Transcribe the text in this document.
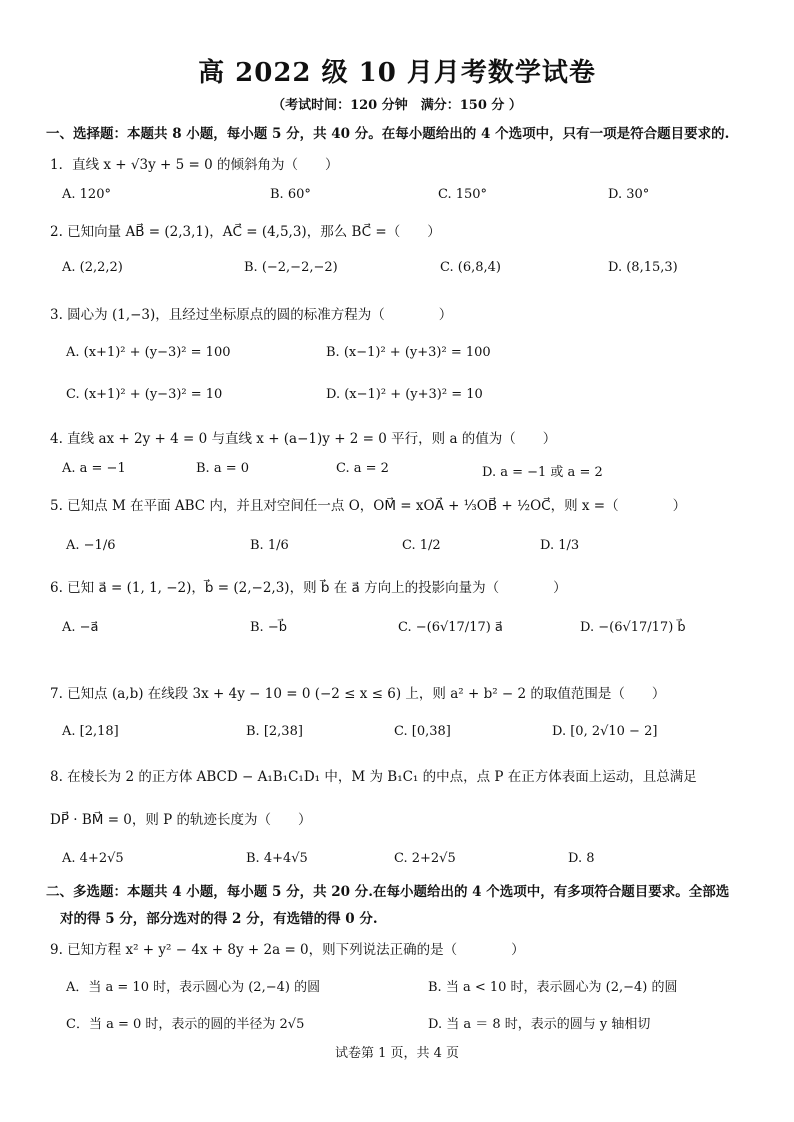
高 2022 级 10 月月考数学试卷
（考试时间：120 分钟　满分：150 分 ）
一、选择题：本题共 8 小题，每小题 5 分，共 40 分。在每小题给出的 4 个选项中，只有一项是符合题目要求的.
1．直线 x + √3y + 5 = 0 的倾斜角为（　　）
A. 120°	B. 60°	C. 150°	D. 30°
2. 已知向量 AB⃗ = (2,3,1)，AC⃗ = (4,5,3)，那么 BC⃗ =（　　）
A. (2,2,2)	B. (−2,−2,−2)	C. (6,8,4)	D. (8,15,3)
3. 圆心为 (1,−3)，且经过坐标原点的圆的标准方程为（　　　　）
A. (x+1)² + (y−3)² = 100	B. (x−1)² + (y+3)² = 100
C. (x+1)² + (y−3)² = 10	D. (x−1)² + (y+3)² = 10
4. 直线 ax + 2y + 4 = 0 与直线 x + (a−1)y + 2 = 0 平行，则 a 的值为（　　）
A. a = −1	B. a = 0	C. a = 2	D. a = −1 或 a = 2
5. 已知点 M 在平面 ABC 内，并且对空间任一点 O，OM⃗ = xOA⃗ + ⅓OB⃗ + ½OC⃗，则 x =（　　　　）
A. −1/6	B. 1/6	C. 1/2	D. 1/3
6. 已知 a⃗ = (1, 1, −2)，b⃗ = (2,−2,3)，则 b⃗ 在 a⃗ 方向上的投影向量为（　　　　）
A. −a⃗	B. −b⃗	C. −(6√17/17) a⃗	D. −(6√17/17) b⃗
7. 已知点 (a,b) 在线段 3x + 4y − 10 = 0 (−2 ≤ x ≤ 6) 上，则 a² + b² − 2 的取值范围是（　　）
A. [2,18]	B. [2,38]	C. [0,38]	D. [0, 2√10 − 2]
8. 在棱长为 2 的正方体 ABCD − A₁B₁C₁D₁ 中，M 为 B₁C₁ 的中点，点 P 在正方体表面上运动，且总满足
DP⃗ · BM⃗ = 0，则 P 的轨迹长度为（　　）
A. 4+2√5	B. 4+4√5	C. 2+2√5	D. 8
二、多选题：本题共 4 小题，每小题 5 分，共 20 分.在每小题给出的 4 个选项中，有多项符合题目要求。全部选
对的得 5 分，部分选对的得 2 分，有选错的得 0 分.
9. 已知方程 x² + y² − 4x + 8y + 2a = 0，则下列说法正确的是（　　　　）
A．当 a = 10 时，表示圆心为 (2,−4) 的圆	B. 当 a < 10 时，表示圆心为 (2,−4) 的圆
C．当 a = 0 时，表示的圆的半径为 2√5	D. 当 a ＝ 8 时，表示的圆与 y 轴相切
试卷第 1 页，共 4 页
